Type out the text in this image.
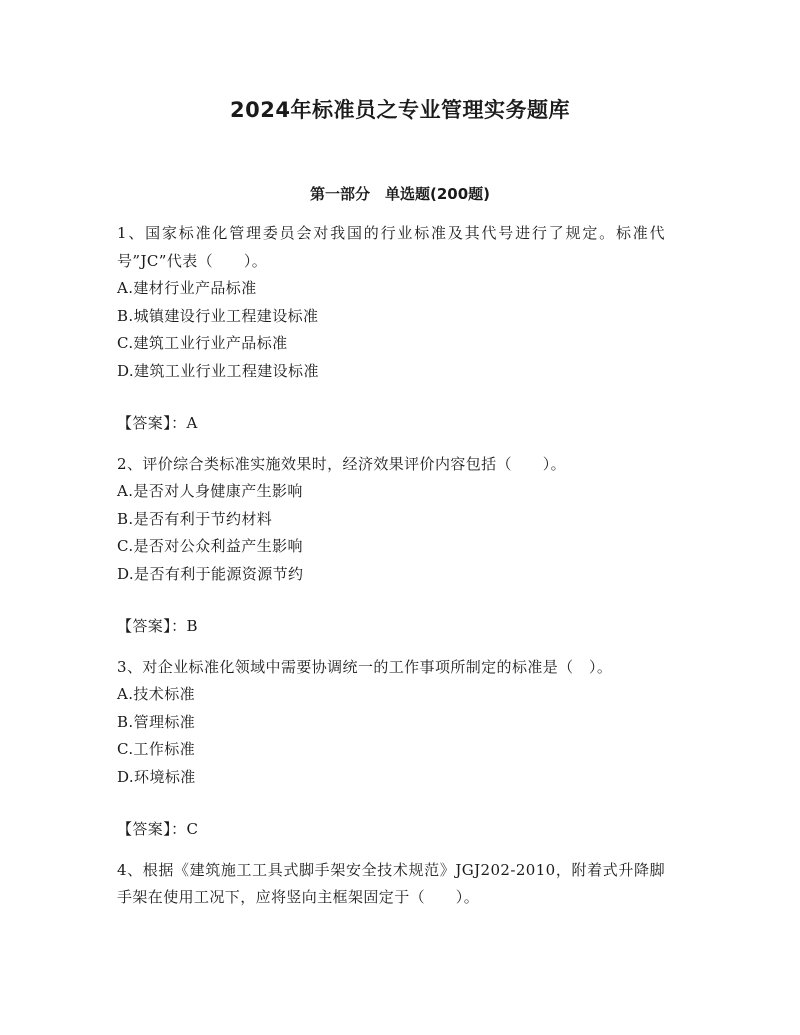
2024年标准员之专业管理实务题库
第一部分　单选题(200题)

1、国家标准化管理委员会对我国的行业标准及其代号进行了规定。标准代号”JC”代表（　　）。

A.建材行业产品标准

B.城镇建设行业工程建设标准

C.建筑工业行业产品标准

D.建筑工业行业工程建设标准

【答案】：A

2、评价综合类标准实施效果时，经济效果评价内容包括（　　）。

A.是否对人身健康产生影响

B.是否有利于节约材料

C.是否对公众利益产生影响

D.是否有利于能源资源节约

【答案】：B

3、对企业标准化领域中需要协调统一的工作事项所制定的标准是（　）。

A.技术标准

B.管理标准

C.工作标准

D.环境标准

【答案】：C

4、根据《建筑施工工具式脚手架安全技术规范》JGJ202-2010，附着式升降脚手架在使用工况下，应将竖向主框架固定于（　　）。
